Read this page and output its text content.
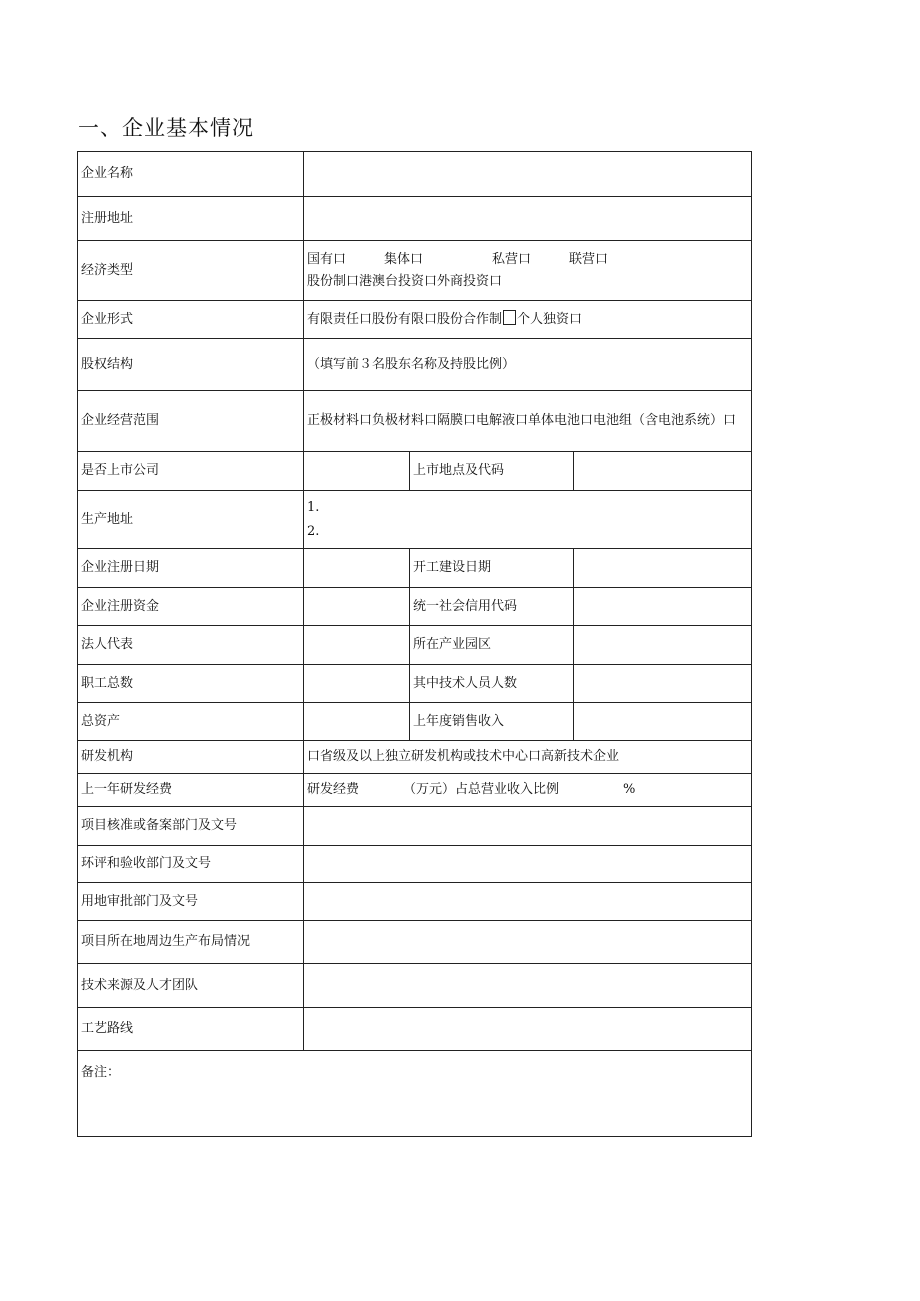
一、企业基本情况
企业名称			
注册地址			
经济类型	国有口 集体口 私营口 联营口
股份制口港澳台投资口外商投资口		

企业形式	有限责任口股份有限口股份合作制 个人独资口		
股权结构	（填写前３名股东名称及持股比例）		
企业经营范围	正极材料口负极材料口隔膜口电解液口单体电池口电池组（含电池系统）口		
是否上市公司		上市地点及代码	
生产地址	1.
2.		

企业注册日期		开工建设日期	
企业注册资金		统一社会信用代码	
法人代表		所在产业园区	
职工总数		其中技术人员人数	
总资产		上年度销售收入	
研发机构	口省级及以上独立研发机构或技术中心口高新技术企业		
上一年研发经费	研发经费 （万元）占总营业收入比例 %		
项目核准或备案部门及文号			
环评和验收部门及文号			
用地审批部门及文号			
项目所在地周边生产布局情况			
技术来源及人才团队			
工艺路线			
备注：			
